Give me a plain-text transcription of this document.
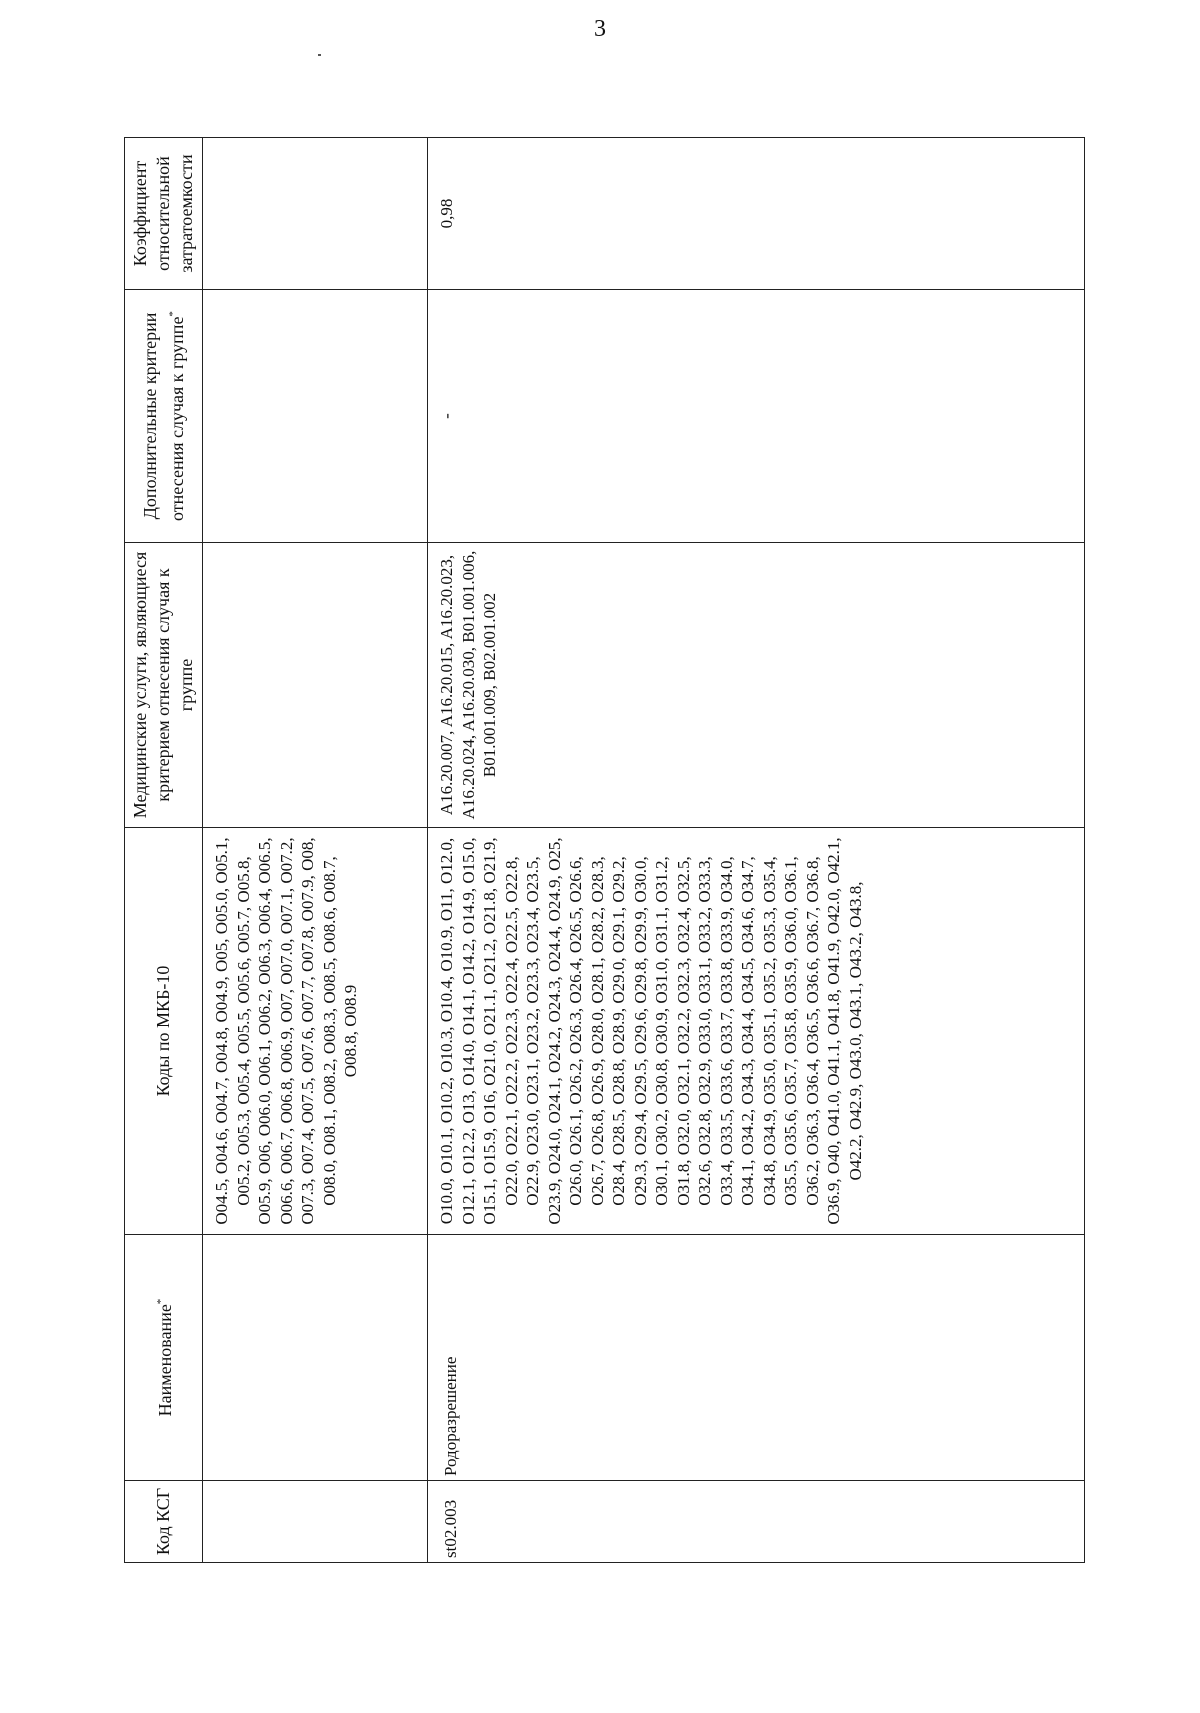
3
Код КСГ	Наименование*	Коды по МКБ-10	Медицинские услуги, являющиеся критерием отнесения случая к группе	Дополнительные критерии отнесения случая к группе*	Коэффициент относительной затратоемкости
		O04.5, O04.6, O04.7, O04.8, O04.9, O05, O05.0, O05.1, O05.2, O05.3, O05.4, O05.5, O05.6, O05.7, O05.8, O05.9, O06, O06.0, O06.1, O06.2, O06.3, O06.4, O06.5, O06.6, O06.7, O06.8, O06.9, O07, O07.0, O07.1, O07.2, O07.3, O07.4, O07.5, O07.6, O07.7, O07.8, O07.9, O08, O08.0, O08.1, O08.2, O08.3, O08.5, O08.6, O08.7, O08.8, O08.9			
st02.003	Родоразрешение	O10.0, O10.1, O10.2, O10.3, O10.4, O10.9, O11, O12.0, O12.1, O12.2, O13, O14.0, O14.1, O14.2, O14.9, O15.0, O15.1, O15.9, O16, O21.0, O21.1, O21.2, O21.8, O21.9, O22.0, O22.1, O22.2, O22.3, O22.4, O22.5, O22.8, O22.9, O23.0, O23.1, O23.2, O23.3, O23.4, O23.5, O23.9, O24.0, O24.1, O24.2, O24.3, O24.4, O24.9, O25, O26.0, O26.1, O26.2, O26.3, O26.4, O26.5, O26.6, O26.7, O26.8, O26.9, O28.0, O28.1, O28.2, O28.3, O28.4, O28.5, O28.8, O28.9, O29.0, O29.1, O29.2, O29.3, O29.4, O29.5, O29.6, O29.8, O29.9, O30.0, O30.1, O30.2, O30.8, O30.9, O31.0, O31.1, O31.2, O31.8, O32.0, O32.1, O32.2, O32.3, O32.4, O32.5, O32.6, O32.8, O32.9, O33.0, O33.1, O33.2, O33.3, O33.4, O33.5, O33.6, O33.7, O33.8, O33.9, O34.0, O34.1, O34.2, O34.3, O34.4, O34.5, O34.6, O34.7, O34.8, O34.9, O35.0, O35.1, O35.2, O35.3, O35.4, O35.5, O35.6, O35.7, O35.8, O35.9, O36.0, O36.1, O36.2, O36.3, O36.4, O36.5, O36.6, O36.7, O36.8, O36.9, O40, O41.0, O41.1, O41.8, O41.9, O42.0, O42.1, O42.2, O42.9, O43.0, O43.1, O43.2, O43.8,	A16.20.007, A16.20.015, A16.20.023, A16.20.024, A16.20.030, B01.001.006, B01.001.009, B02.001.002	-	0,98
